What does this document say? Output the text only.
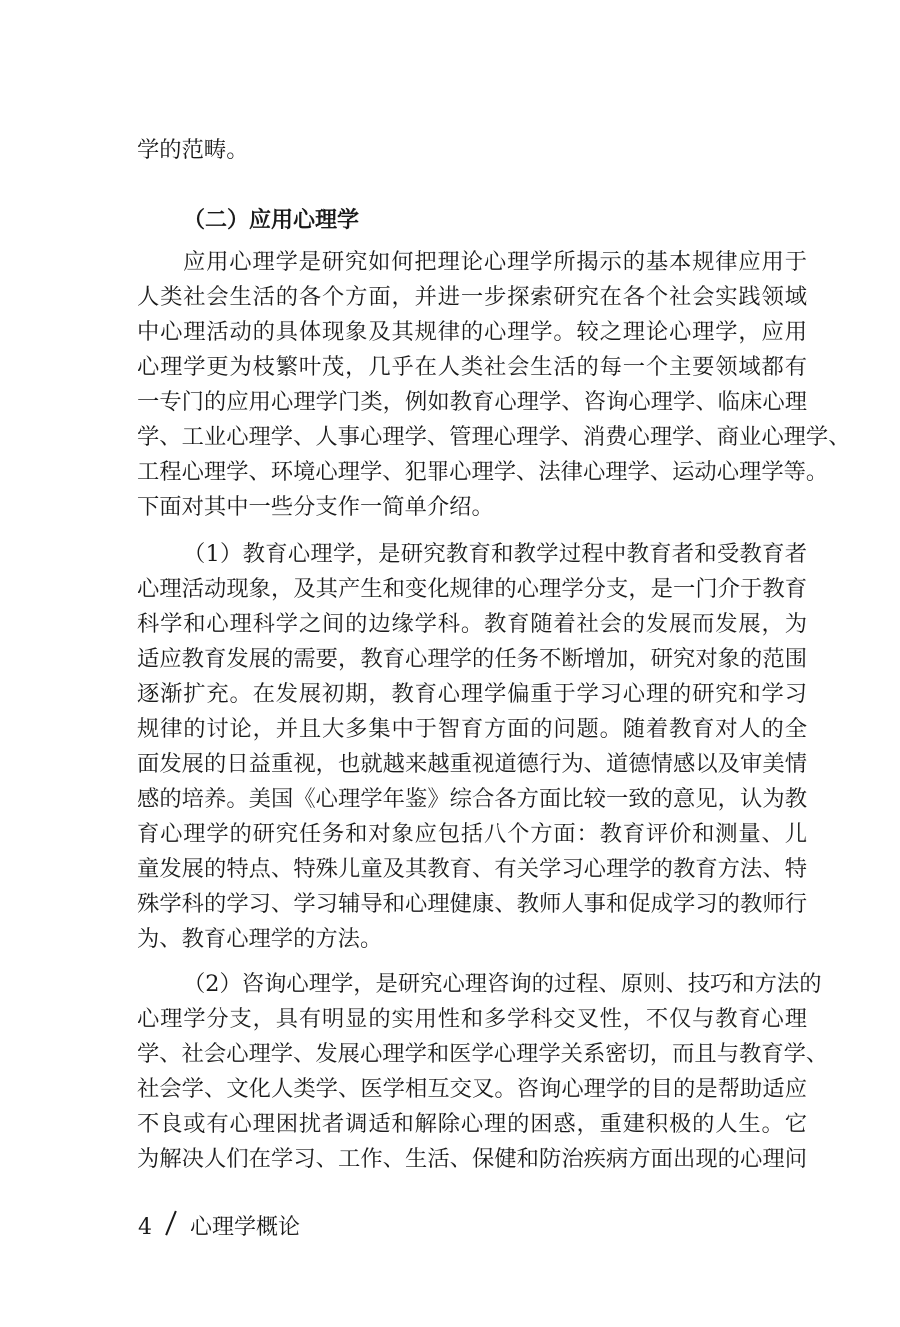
学的范畴。
（二）应用心理学
应用心理学是研究如何把理论心理学所揭示的基本规律应用于
人类社会生活的各个方面，并进一步探索研究在各个社会实践领域
中心理活动的具体现象及其规律的心理学。较之理论心理学，应用
心理学更为枝繁叶茂，几乎在人类社会生活的每一个主要领域都有
一专门的应用心理学门类，例如教育心理学、咨询心理学、临床心理
学、工业心理学、人事心理学、管理心理学、消费心理学、商业心理学、
工程心理学、环境心理学、犯罪心理学、法律心理学、运动心理学等。
下面对其中一些分支作一简单介绍。
（1）教育心理学，是研究教育和教学过程中教育者和受教育者
心理活动现象，及其产生和变化规律的心理学分支，是一门介于教育
科学和心理科学之间的边缘学科。教育随着社会的发展而发展，为
适应教育发展的需要，教育心理学的任务不断增加，研究对象的范围
逐渐扩充。在发展初期，教育心理学偏重于学习心理的研究和学习
规律的讨论，并且大多集中于智育方面的问题。随着教育对人的全
面发展的日益重视，也就越来越重视道德行为、道德情感以及审美情
感的培养。美国《心理学年鉴》综合各方面比较一致的意见，认为教
育心理学的研究任务和对象应包括八个方面：教育评价和测量、儿
童发展的特点、特殊儿童及其教育、有关学习心理学的教育方法、特
殊学科的学习、学习辅导和心理健康、教师人事和促成学习的教师行
为、教育心理学的方法。
（2）咨询心理学，是研究心理咨询的过程、原则、技巧和方法的
心理学分支，具有明显的实用性和多学科交叉性，不仅与教育心理
学、社会心理学、发展心理学和医学心理学关系密切，而且与教育学、
社会学、文化人类学、医学相互交叉。咨询心理学的目的是帮助适应
不良或有心理困扰者调适和解除心理的困惑，重建积极的人生。它
为解决人们在学习、工作、生活、保健和防治疾病方面出现的心理问
4 心理学概论
